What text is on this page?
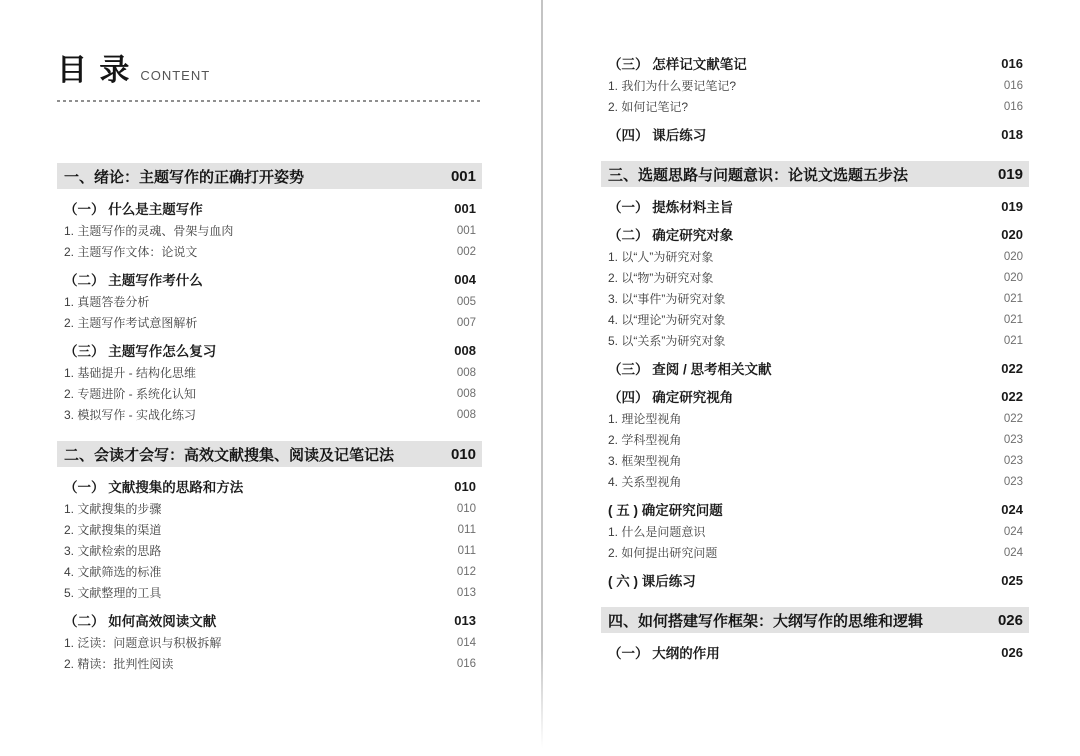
目 录 CONTENT
一、绪论：主题写作的正确打开姿势	001
（一） 什么是主题写作	001
1. 主题写作的灵魂、骨架与血肉	001
2. 主题写作文体：论说文	002
（二） 主题写作考什么	004
1. 真题答卷分析	005
2. 主题写作考试意图解析	007
（三） 主题写作怎么复习	008
1. 基础提升 - 结构化思维	008
2. 专题进阶 - 系统化认知	008
3. 模拟写作 - 实战化练习	008
二、会读才会写：高效文献搜集、阅读及记笔记法	010
（一） 文献搜集的思路和方法	010
1. 文献搜集的步骤	010
2. 文献搜集的渠道	011
3. 文献检索的思路	011
4. 文献筛选的标准	012
5. 文献整理的工具	013
（二） 如何高效阅读文献	013
1. 泛读：问题意识与积极拆解	014
2. 精读：批判性阅读	016
（三） 怎样记文献笔记	016
1. 我们为什么要记笔记?	016
2. 如何记笔记?	016
（四） 课后练习	018
三、选题思路与问题意识：论说文选题五步法	019
（一） 提炼材料主旨	019
（二） 确定研究对象	020
1. 以“人”为研究对象	020
2. 以“物”为研究对象	020
3. 以“事件”为研究对象	021
4. 以“理论”为研究对象	021
5. 以“关系”为研究对象	021
（三） 查阅 / 思考相关文献	022
（四） 确定研究视角	022
1. 理论型视角	022
2. 学科型视角	023
3. 框架型视角	023
4. 关系型视角	023
( 五 ) 确定研究问题	024
1. 什么是问题意识	024
2. 如何提出研究问题	024
( 六 ) 课后练习	025
四、如何搭建写作框架：大纲写作的思维和逻辑	026
（一） 大纲的作用	026
